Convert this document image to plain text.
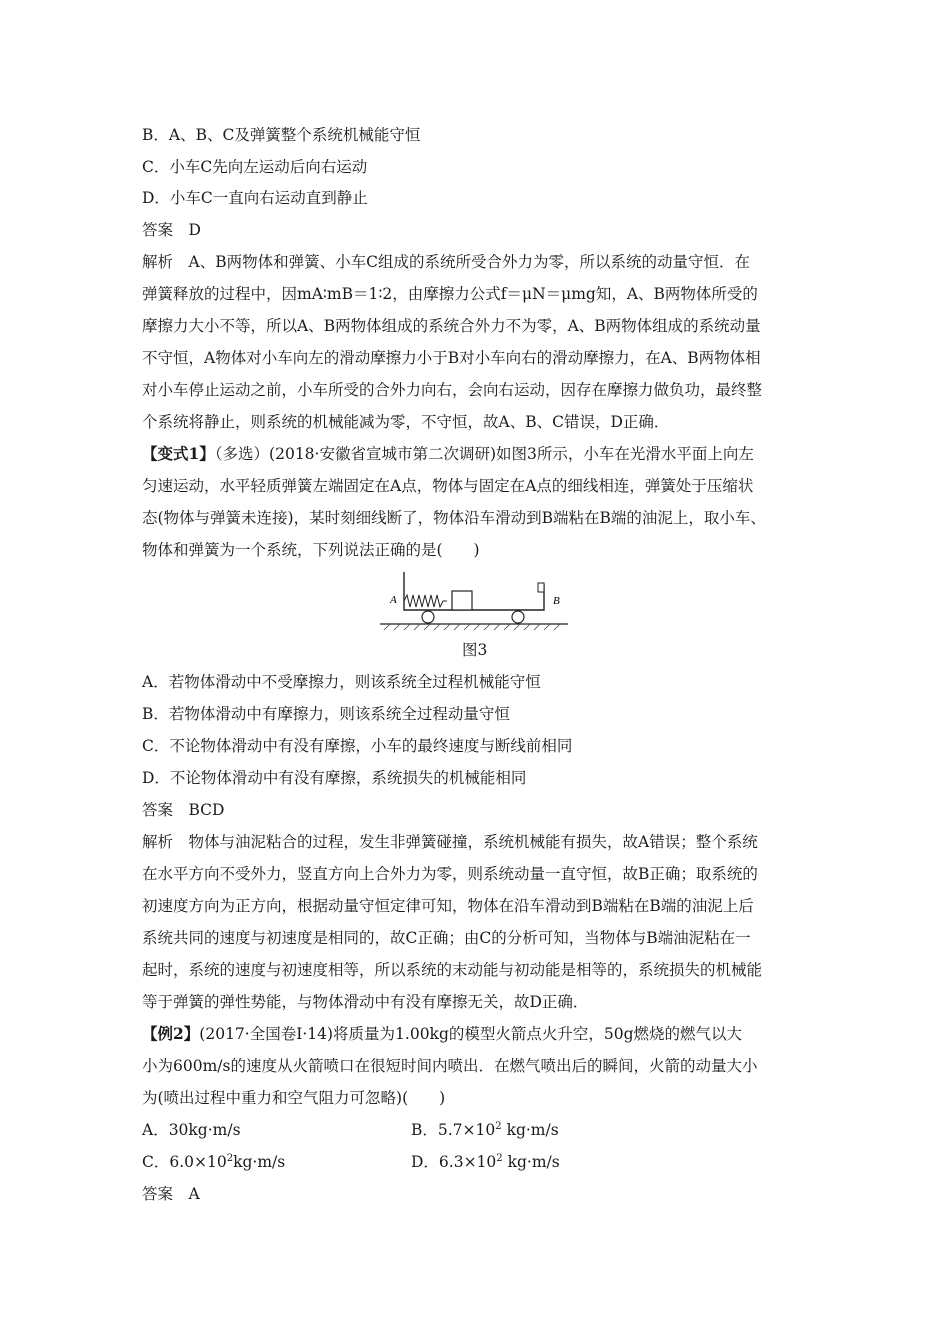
B．A、B、C及弹簧整个系统机械能守恒
C．小车C先向左运动后向右运动
D．小车C一直向右运动直到静止
答案　D
解析　A、B两物体和弹簧、小车C组成的系统所受合外力为零，所以系统的动量守恒．在
弹簧释放的过程中，因mA∶mB＝1∶2，由摩擦力公式f＝μN＝μmg知，A、B两物体所受的
摩擦力大小不等，所以A、B两物体组成的系统合外力不为零，A、B两物体组成的系统动量
不守恒，A物体对小车向左的滑动摩擦力小于B对小车向右的滑动摩擦力，在A、B两物体相
对小车停止运动之前，小车所受的合外力向右，会向右运动，因存在摩擦力做负功，最终整
个系统将静止，则系统的机械能减为零，不守恒，故A、B、C错误，D正确．
【变式1】（多选）(2018·安徽省宣城市第二次调研)如图3所示，小车在光滑水平面上向左
匀速运动，水平轻质弹簧左端固定在A点，物体与固定在A点的细线相连，弹簧处于压缩状
态(物体与弹簧未连接)，某时刻细线断了，物体沿车滑动到B端粘在B端的油泥上，取小车、
物体和弹簧为一个系统，下列说法正确的是(　　)
A	B
图3
A．若物体滑动中不受摩擦力，则该系统全过程机械能守恒
B．若物体滑动中有摩擦力，则该系统全过程动量守恒
C．不论物体滑动中有没有摩擦，小车的最终速度与断线前相同
D．不论物体滑动中有没有摩擦，系统损失的机械能相同
答案　BCD
解析　物体与油泥粘合的过程，发生非弹簧碰撞，系统机械能有损失，故A错误；整个系统
在水平方向不受外力，竖直方向上合外力为零，则系统动量一直守恒，故B正确；取系统的
初速度方向为正方向，根据动量守恒定律可知，物体在沿车滑动到B端粘在B端的油泥上后
系统共同的速度与初速度是相同的，故C正确；由C的分析可知，当物体与B端油泥粘在一
起时，系统的速度与初速度相等，所以系统的末动能与初动能是相等的，系统损失的机械能
等于弹簧的弹性势能，与物体滑动中有没有摩擦无关，故D正确．
【例2】(2017·全国卷Ⅰ·14)将质量为1.00kg的模型火箭点火升空，50g燃烧的燃气以大
小为600m/s的速度从火箭喷口在很短时间内喷出．在燃气喷出后的瞬间，火箭的动量大小
为(喷出过程中重力和空气阻力可忽略)(　　)
A．30kg·m/s	B．$5.7\times 10^2$ kg·m/s
C．$6.0\times 10^2kg\cdot m/s$	D．$6.3\times 10^2$ kg·m/s
答案　A
